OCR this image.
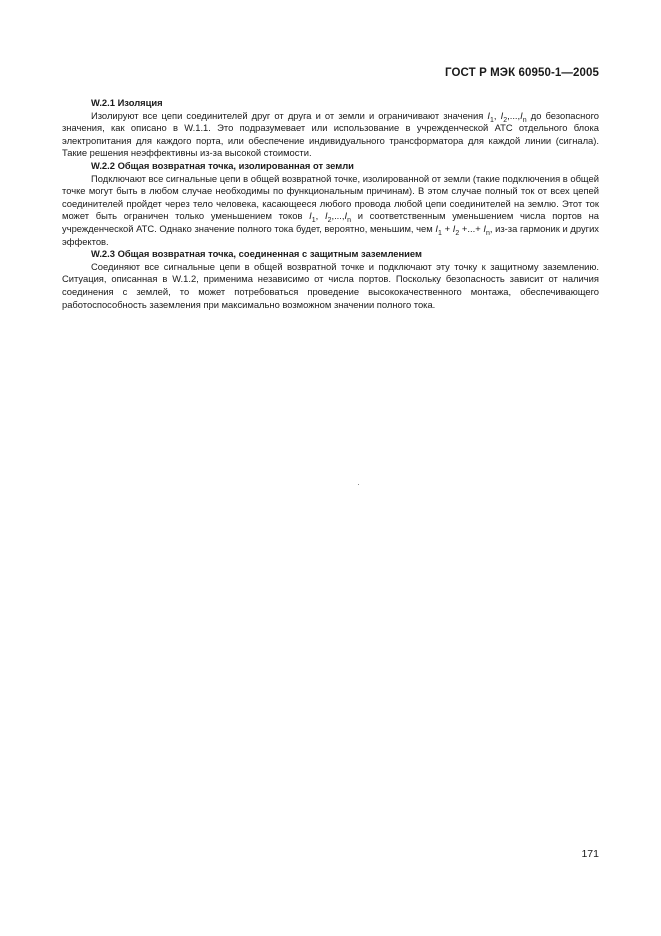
ГОСТ Р МЭК 60950-1—2005

W.2.1 Изоляция

Изолируют все цепи соединителей друг от друга и от земли и ограничивают значения $I_1$, $I_2,...,I_n$ до безопасного значения, как описано в W.1.1. Это подразумевает или использование в учрежденческой АТС отдельного блока электропитания для каждого порта, или обеспечение индивидуального трансформатора для каждой линии (сигнала). Такие решения неэффективны из-за высокой стоимости.

W.2.2 Общая возвратная точка, изолированная от земли

Подключают все сигнальные цепи в общей возвратной точке, изолированной от земли (такие подключения в общей точке могут быть в любом случае необходимы по функциональным причинам). В этом случае полный ток от всех цепей соединителей пройдет через тело человека, касающееся любого провода любой цепи соединителей на землю. Этот ток может быть ограничен только уменьшением токов $I_1$, $I_2,...,I_n$ и соответственным уменьшением числа портов на учрежденческой АТС. Однако значение полного тока будет, вероятно, меньшим, чем $I_1 + I_2$ +...+ $I_n$, из-за гармоник и других эффектов.

W.2.3 Общая возвратная точка, соединенная с защитным заземлением

Соединяют все сигнальные цепи в общей возвратной точке и подключают эту точку к защитному заземлению. Ситуация, описанная в W.1.2, применима независимо от числа портов. Поскольку безопасность зависит от наличия соединения с землей, то может потребоваться проведение высококачественного монтажа, обеспечивающего работоспособность заземления при максимально возможном значении полного тока.

171
